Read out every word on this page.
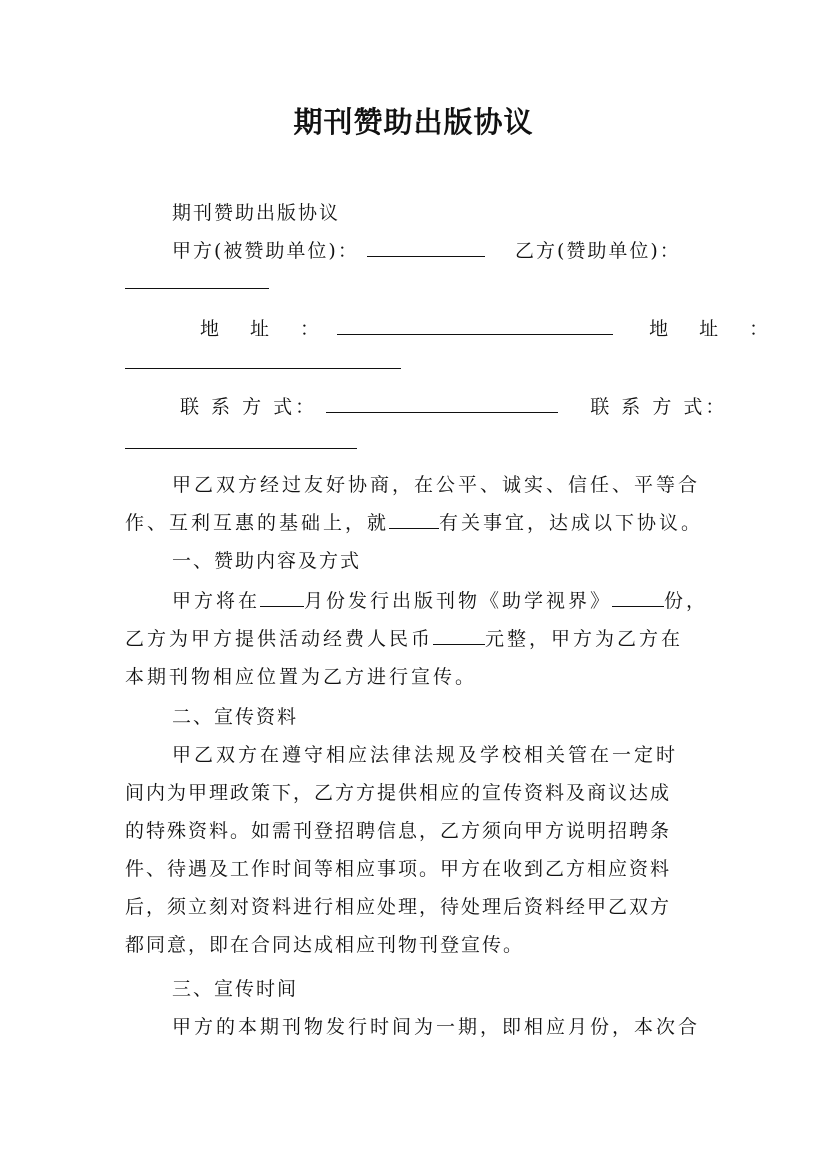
期刊赞助出版协议
期刊赞助出版协议
甲方(被赞助单位)：	乙方(赞助单位)：
地　址　：	地　址　：
联 系 方 式：	联 系 方 式：
甲乙双方经过友好协商，在公平、诚实、信任、平等合
作、互利互惠的基础上，就	有关事宜，达成以下协议。
一、赞助内容及方式
甲方将在 月份发行出版刊物《助学视界》	份，
乙方为甲方提供活动经费人民币	元整，甲方为乙方在
本期刊物相应位置为乙方进行宣传。
二、宣传资料
甲乙双方在遵守相应法律法规及学校相关管在一定时
间内为甲理政策下，乙方方提供相应的宣传资料及商议达成
的特殊资料。如需刊登招聘信息，乙方须向甲方说明招聘条
件、待遇及工作时间等相应事项。甲方在收到乙方相应资料
后，须立刻对资料进行相应处理，待处理后资料经甲乙双方
都同意，即在合同达成相应刊物刊登宣传。
三、宣传时间
甲方的本期刊物发行时间为一期，即相应月份，本次合
